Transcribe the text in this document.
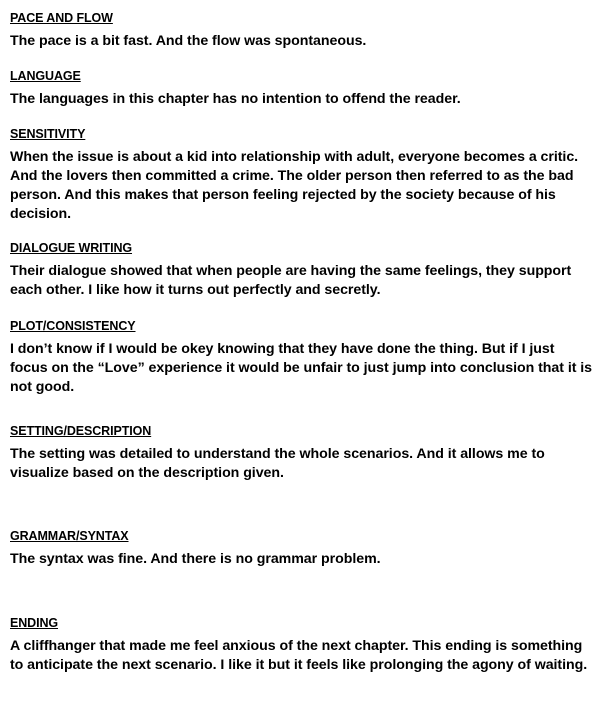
PACE AND FLOW

The pace is a bit fast. And the flow was spontaneous.

LANGUAGE

The languages in this chapter has no intention to offend the reader.

SENSITIVITY

When the issue is about a kid into relationship with adult, everyone becomes a critic. And the lovers then committed a crime. The older person then referred to as the bad person. And this makes that person feeling rejected by the society because of his decision.

DIALOGUE WRITING

Their dialogue showed that when people are having the same feelings, they support each other. I like how it turns out perfectly and secretly.

PLOT/CONSISTENCY

I don’t know if I would be okey knowing that they have done the thing. But if I just focus on the “Love” experience it would be unfair to just jump into conclusion that it is not good.

SETTING/DESCRIPTION

The setting was detailed to understand the whole scenarios. And it allows me to visualize based on the description given.

GRAMMAR/SYNTAX

The syntax was fine. And there is no grammar problem.

ENDING

A cliffhanger that made me feel anxious of the next chapter. This ending is something to anticipate the next scenario. I like it but it feels like prolonging the agony of waiting.
